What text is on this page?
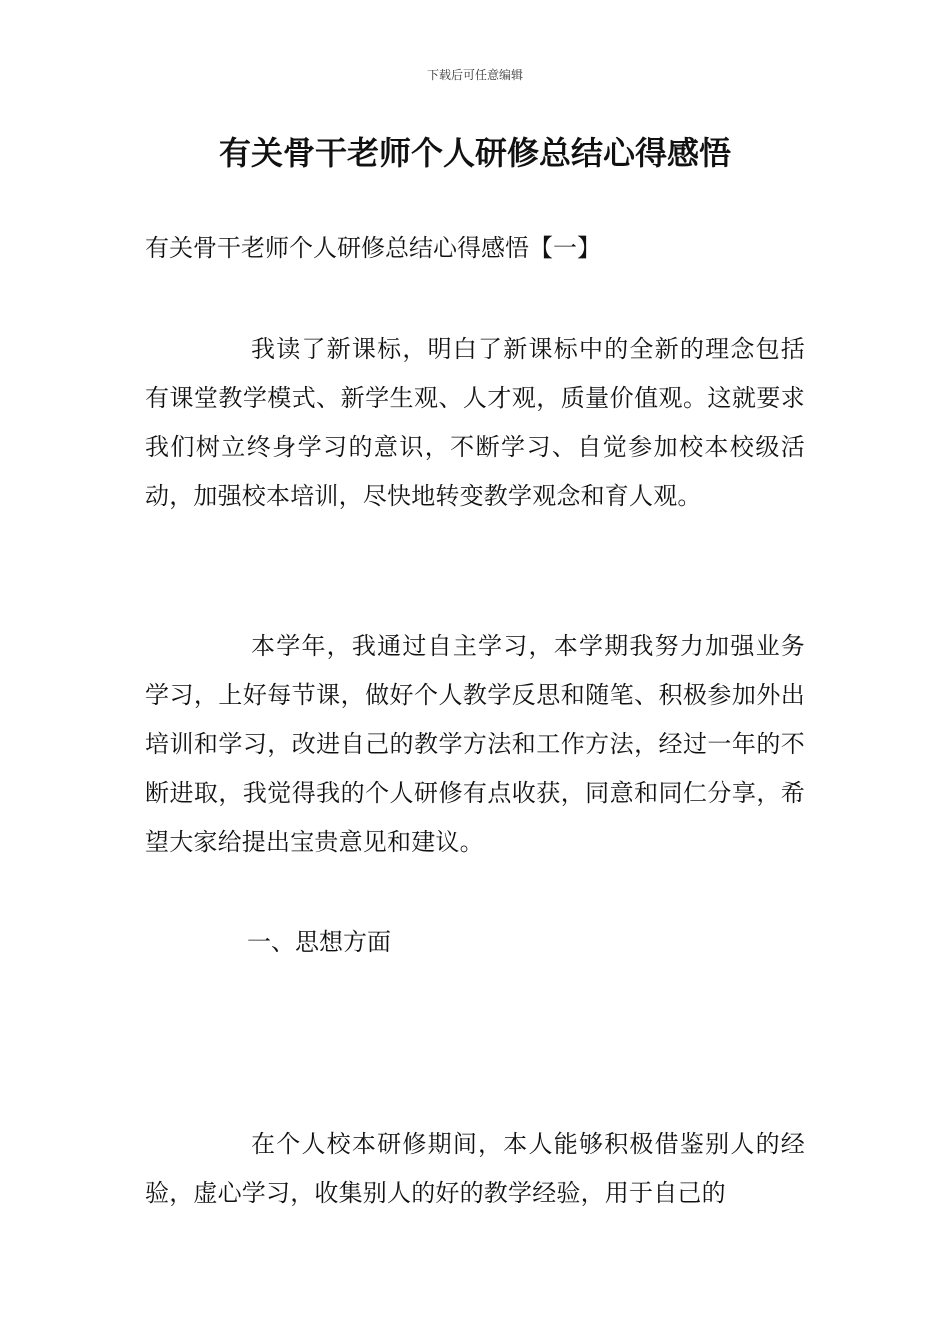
下载后可任意编辑
有关骨干老师个人研修总结心得感悟
有关骨干老师个人研修总结心得感悟【一】

我读了新课标，明白了新课标中的全新的理念包括有课堂教学模式、新学生观、人才观，质量价值观。这就要求我们树立终身学习的意识，不断学习、自觉参加校本校级活动，加强校本培训，尽快地转变教学观念和育人观。

本学年，我通过自主学习，本学期我努力加强业务学习，上好每节课，做好个人教学反思和随笔、积极参加外出培训和学习，改进自己的教学方法和工作方法，经过一年的不断进取，我觉得我的个人研修有点收获，同意和同仁分享，希望大家给提出宝贵意见和建议。

一、思想方面

在个人校本研修期间，本人能够积极借鉴别人的经验，虚心学习，收集别人的好的教学经验，用于自己的
